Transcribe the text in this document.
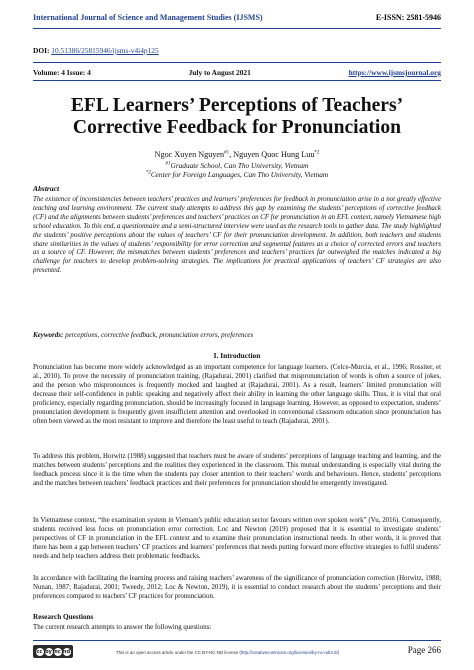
International Journal of Science and Management Studies (IJSMS)	E-ISSN: 2581-5946
DOI: 10.51386/25815946/ijsms-v4i4p125
Volume: 4 Issue: 4	July to August 2021	https://www.ijsmsjournal.org
EFL Learners’ Perceptions of Teachers’
Corrective Feedback for Pronunciation
Ngoc Xuyen Nguyen$^{\#1}$, Nguyen Quoc Hung Luu$^{*2}$
$^{\#1}$Graduate School, Can Tho University, Vietnam
$^{*2}$Center for Foreign Languages, Can Tho University, Vietnam
Abstract

The existence of inconsistencies between teachers’ practices and learners’ preferences for feedback in pronunciation arise in a not greatly effective teaching and learning environment. The current study attempts to address this gap by examining the students’ perceptions of corrective feedback (CF) and the alignments between students’ preferences and teachers’ practices on CF for pronunciation in an EFL context, namely Vietnamese high school education. To this end, a questionnaire and a semi-structured interview were used as the research tools to gather data. The study highlighted the students’ positive perceptions about the values of teachers’ CF for their pronunciation development. In addition, both teachers and students share similarities in the values of students’ responsibility for error correction and segmental features as a choice of corrected errors and teachers as a source of CF. However, the mismatches between students’ preferences and teachers’ practices far outweighed the matches indicated a big challenge for teachers to develop problem-solving strategies. The implications for practical applications of teachers’ CF strategies are also presented.

Keywords: perceptions, corrective feedback, pronunciation errors, preferences
I. Introduction

Pronunciation has become more widely acknowledged as an important competence for language learners. (Celce-Murcia, et al., 1996; Rossiter, et al., 2010). To prove the necessity of pronunciation training, (Rajadurai, 2001) clarified that mispronunciation of words is often a source of jokes, and the person who mispronounces is frequently mocked and laughed at (Rajadurai, 2001). As a result, learners’ limited pronunciation will decrease their self-confidence in public speaking and negatively affect their ability in learning the other language skills. Thus, it is vital that oral proficiency, especially regarding pronunciation, should be increasingly focused in language learning. However, as opposed to expectation, students’ pronunciation development is frequently given insufficient attention and overlooked in conventional classroom education since pronunciation has often been viewed as the most resistant to improve and therefore the least useful to teach (Rajadurai, 2001).

To address this problem, Horwitz (1988) suggested that teachers must be aware of students’ perceptions of language teaching and learning, and the matches between students’ perceptions and the realities they experienced in the classroom. This mutual understanding is especially vital during the feedback process since it is the time when the students pay closer attention to their teachers’ words and behaviours. Hence, students’ perceptions and the matches between teachers’ feedback practices and their preferences for pronunciation should be emergently investigated.

In Vietnamese context, “the examination system in Vietnam's public education sector favours written over spoken work” (Vu, 2016). Consequently, students received less focus on pronunciation error correction. Loc and Newton (2019) proposed that it is essential to investigate students’ perspectives of CF in pronunciation in the EFL context and to examine their pronunciation instructional needs. In other words, it is proved that there has been a gap between teachers’ CF practices and learners’ preferences that needs putting forward more effective strategies to fulfil students’ needs and help teachers address their problematic feedbacks.

In accordance with facilitating the learning process and raising teachers’ awareness of the significance of pronunciation correction (Horwitz, 1988; Nunan, 1987; Rajadurai, 2001; Tweedy, 2012; Loc & Newton, 2019), it is essential to conduct research about the students’ perceptions and their preferences compared to teachers’ CF practices for pronunciation.

Research Questions
The current research attempts to answer the following questions:
cc by nc nd	This is an open access article under the CC BY-NC-ND license (http://creativecommons.org/licenses/by-nc-nd/4.0/)	Page 266
